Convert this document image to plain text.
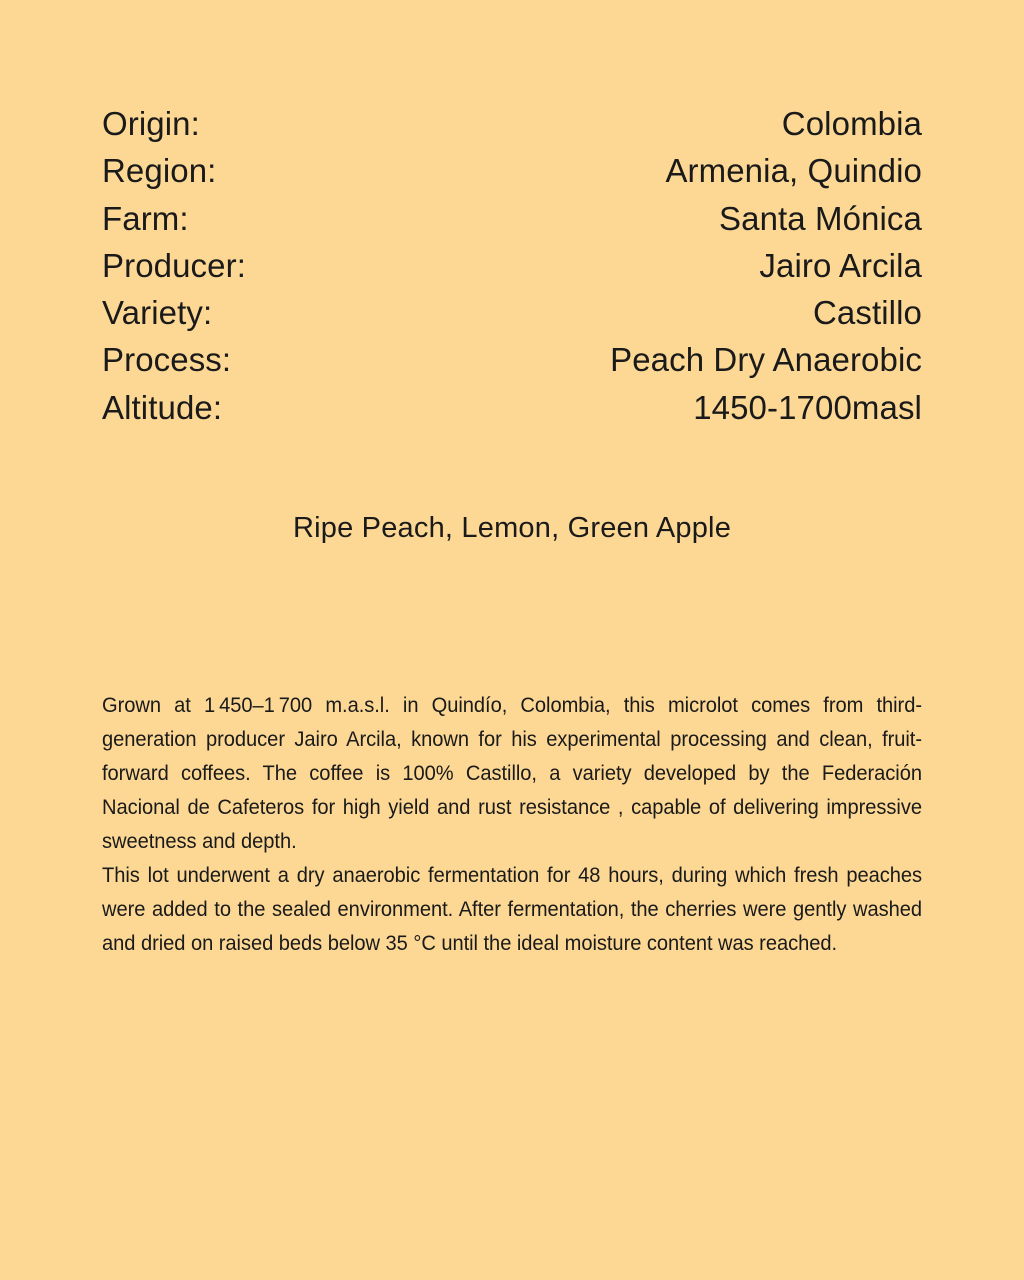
Origin:	Colombia
Region:	Armenia, Quindio
Farm:	Santa Mónica
Producer:	Jairo Arcila
Variety:	Castillo
Process:	Peach Dry Anaerobic
Altitude:	1450-1700masl
Ripe Peach, Lemon, Green Apple

Grown at 1 450–1 700 m.a.s.l. in Quindío, Colombia, this microlot comes from third-generation producer Jairo Arcila, known for his experimental processing and clean, fruit-forward coffees. The coffee is 100% Castillo, a variety developed by the Federación Nacional de Cafeteros for high yield and rust resistance , capable of delivering impressive sweetness and depth.

This lot underwent a dry anaerobic fermentation for 48 hours, during which fresh peaches were added to the sealed environment. After fermentation, the cherries were gently washed and dried on raised beds below 35 °C until the ideal moisture content was reached.
